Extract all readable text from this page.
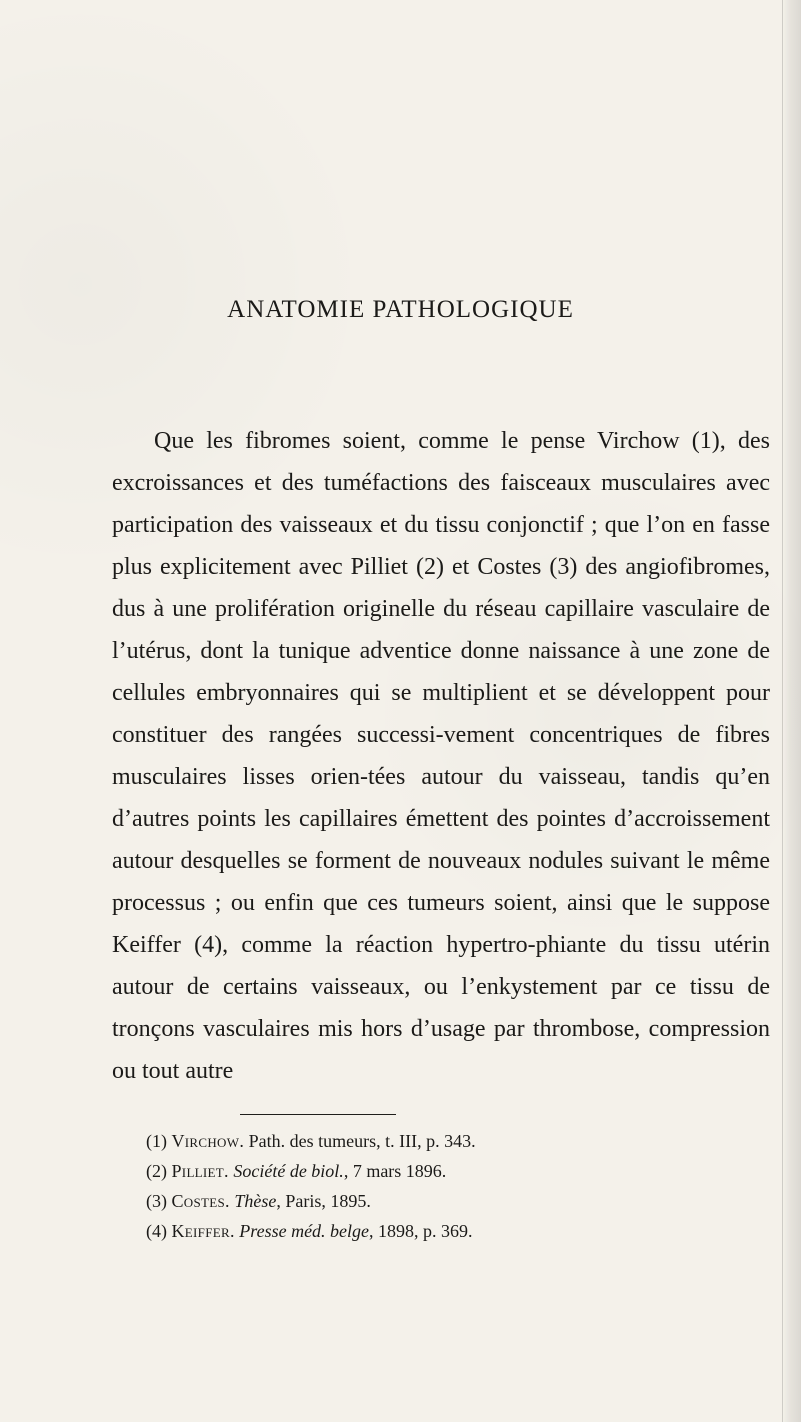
ANATOMIE PATHOLOGIQUE

Que les fibromes soient, comme le pense Virchow (1), des excroissances et des tuméfactions des faisceaux musculaires avec participation des vaisseaux et du tissu conjonctif ; que l’on en fasse plus explicitement avec Pilliet (2) et Costes (3) des angiofibromes, dus à une prolifération originelle du réseau capillaire vasculaire de l’utérus, dont la tunique adventice donne naissance à une zone de cellules embryonnaires qui se multiplient et se développent pour constituer des rangées successi-vement concentriques de fibres musculaires lisses orien-tées autour du vaisseau, tandis qu’en d’autres points les capillaires émettent des pointes d’accroissement autour desquelles se forment de nouveaux nodules suivant le même processus ; ou enfin que ces tumeurs soient, ainsi que le suppose Keiffer (4), comme la réaction hypertro-phiante du tissu utérin autour de certains vaisseaux, ou l’enkystement par ce tissu de tronçons vasculaires mis hors d’usage par thrombose, compression ou tout autre

(1) Virchow. Path. des tumeurs, t. III, p. 343.
(2) Pilliet. Société de biol., 7 mars 1896.
(3) Costes. Thèse, Paris, 1895.
(4) Keiffer. Presse méd. belge, 1898, p. 369.
